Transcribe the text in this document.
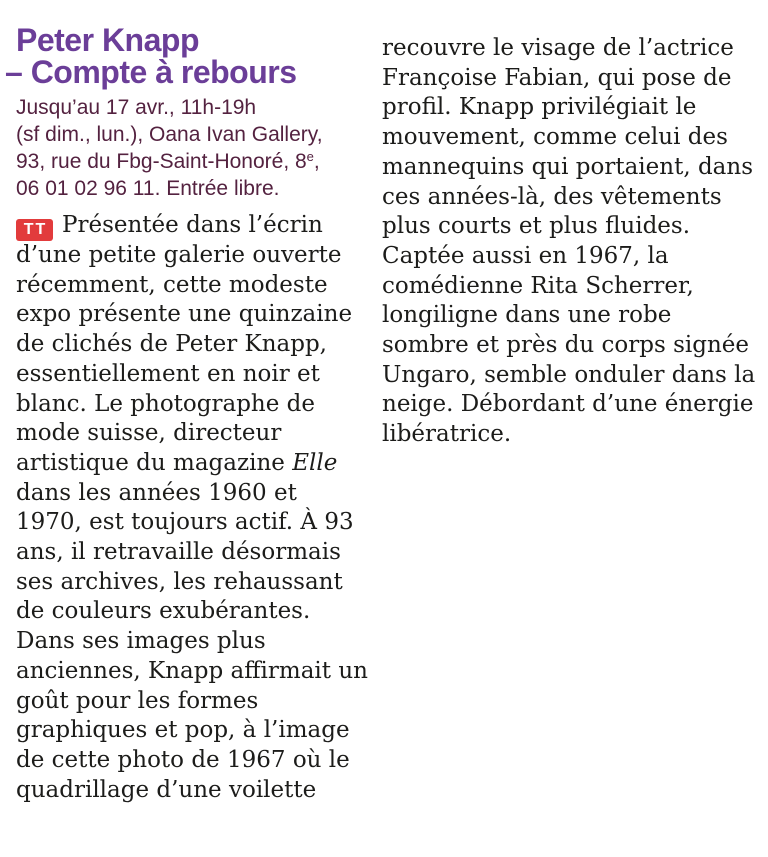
Peter Knapp
– Compte à rebours
Jusqu’au 17 avr., 11h-19h
(sf dim., lun.), Oana Ivan Gallery,
93, rue du Fbg-Saint-Honoré, 8e,
06 01 02 96 11. Entrée libre.

TT Présentée dans l’écrin d’une petite galerie ouverte récemment, cette modeste expo présente une quinzaine de clichés de Peter Knapp, essentiellement en noir et blanc. Le photographe de mode suisse, directeur artistique du magazine Elle dans les années 1960 et 1970, est toujours actif. À 93 ans, il retravaille désormais ses archives, les rehaussant de couleurs exubérantes. Dans ses images plus anciennes, Knapp affirmait un goût pour les formes graphiques et pop, à l’image de cette photo de 1967 où le quadrillage d’une voilette

recouvre le visage de l’actrice Françoise Fabian, qui pose de profil. Knapp privilégiait le mouvement, comme celui des mannequins qui portaient, dans ces années-là, des vêtements plus courts et plus fluides. Captée aussi en 1967, la comédienne Rita Scherrer, longiligne dans une robe sombre et près du corps signée Ungaro, semble onduler dans la neige. Débordant d’une énergie libératrice.
